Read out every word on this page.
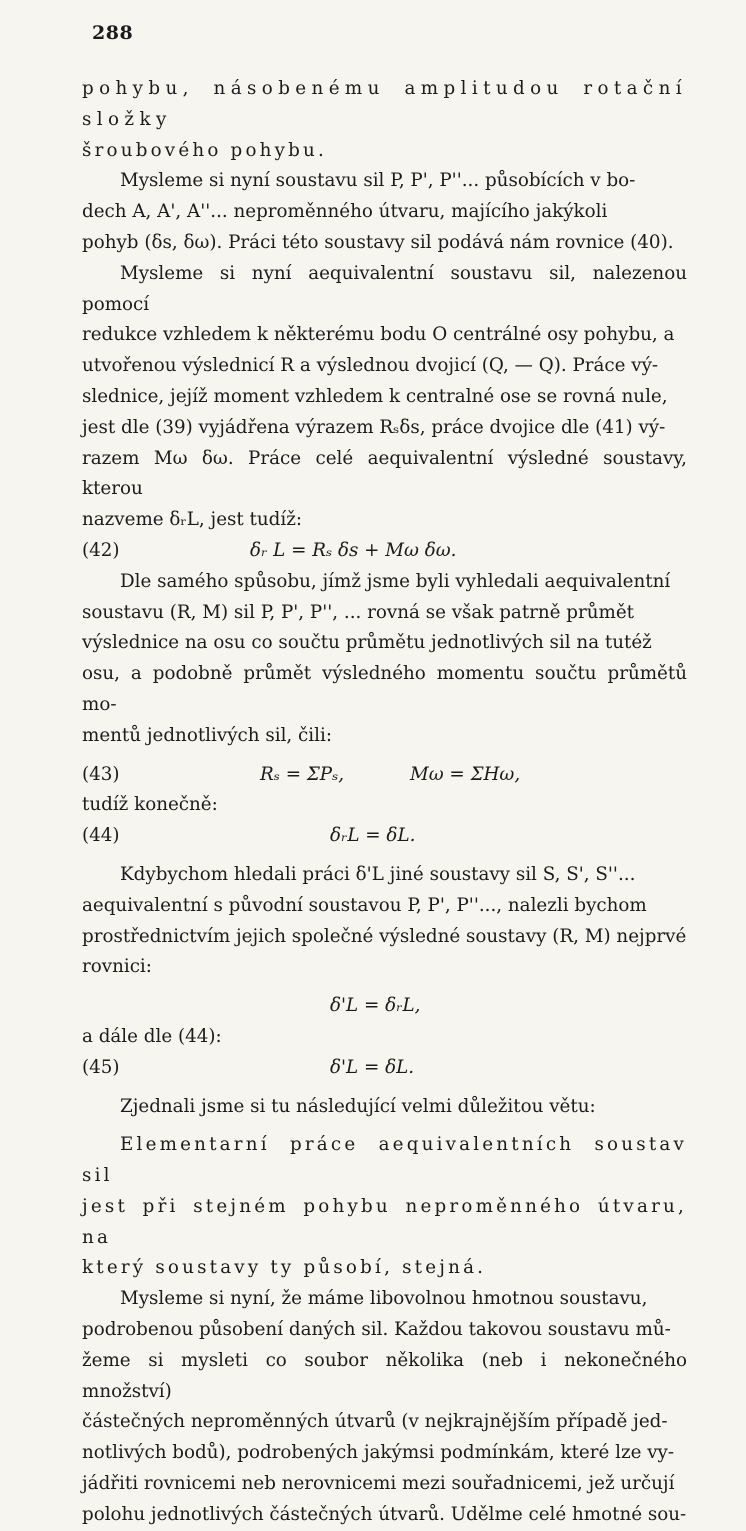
288

pohybu, násobenému amplitudou rotační složky

šroubového pohybu.

Mysleme si nyní soustavu sil P, P', P''... působících v bo-

dech A, A', A''... neproměnného útvaru, majícího jakýkoli

pohyb (δs, δω). Práci této soustavy sil podává nám rovnice (40).

Mysleme si nyní aequivalentní soustavu sil, nalezenou pomocí

redukce vzhledem k některému bodu O centrálné osy pohybu, a

utvořenou výslednicí R a výslednou dvojicí (Q, — Q). Práce vý-

slednice, jejíž moment vzhledem k centralné ose se rovná nule,

jest dle (39) vyjádřena výrazem Rₛδs, práce dvojice dle (41) vý-

razem Mω δω. Práce celé aequivalentní výsledné soustavy, kterou

nazveme δᵣL, jest tudíž:

(42)	δᵣ L = Rₛ δs + Mω δω.

Dle samého spůsobu, jímž jsme byli vyhledali aequivalentní

soustavu (R, M) sil P, P', P'', ... rovná se však patrně průmět

výslednice na osu co součtu průmětu jednotlivých sil na tutéž

osu, a podobně průmět výsledného momentu součtu průmětů mo-

mentů jednotlivých sil, čili:

(43)	Rₛ = ΣPₛ,	Mω = ΣHω,

tudíž konečně:

(44)	δᵣL = δL.

Kdybychom hledali práci δ'L jiné soustavy sil S, S', S''...

aequivalentní s původní soustavou P, P', P''..., nalezli bychom

prostřednictvím jejich společné výsledné soustavy (R, M) nejprvé

rovnici:

δ'L = δᵣL,

a dále dle (44):

(45)	δ'L = δL.

Zjednali jsme si tu následující velmi důležitou větu:

Elementarní práce aequivalentních soustav sil

jest při stejném pohybu neproměnného útvaru, na

který soustavy ty působí, stejná.

Mysleme si nyní, že máme libovolnou hmotnou soustavu,

podrobenou působení daných sil. Každou takovou soustavu mů-

žeme si mysleti co soubor několika (neb i nekonečného množství)

částečných neproměnných útvarů (v nejkrajnějším případě jed-

notlivých bodů), podrobených jakýmsi podmínkám, které lze vy-

jádřiti rovnicemi neb nerovnicemi mezi souřadnicemi, jež určují

polohu jednotlivých částečných útvarů. Udělme celé hmotné sou-
